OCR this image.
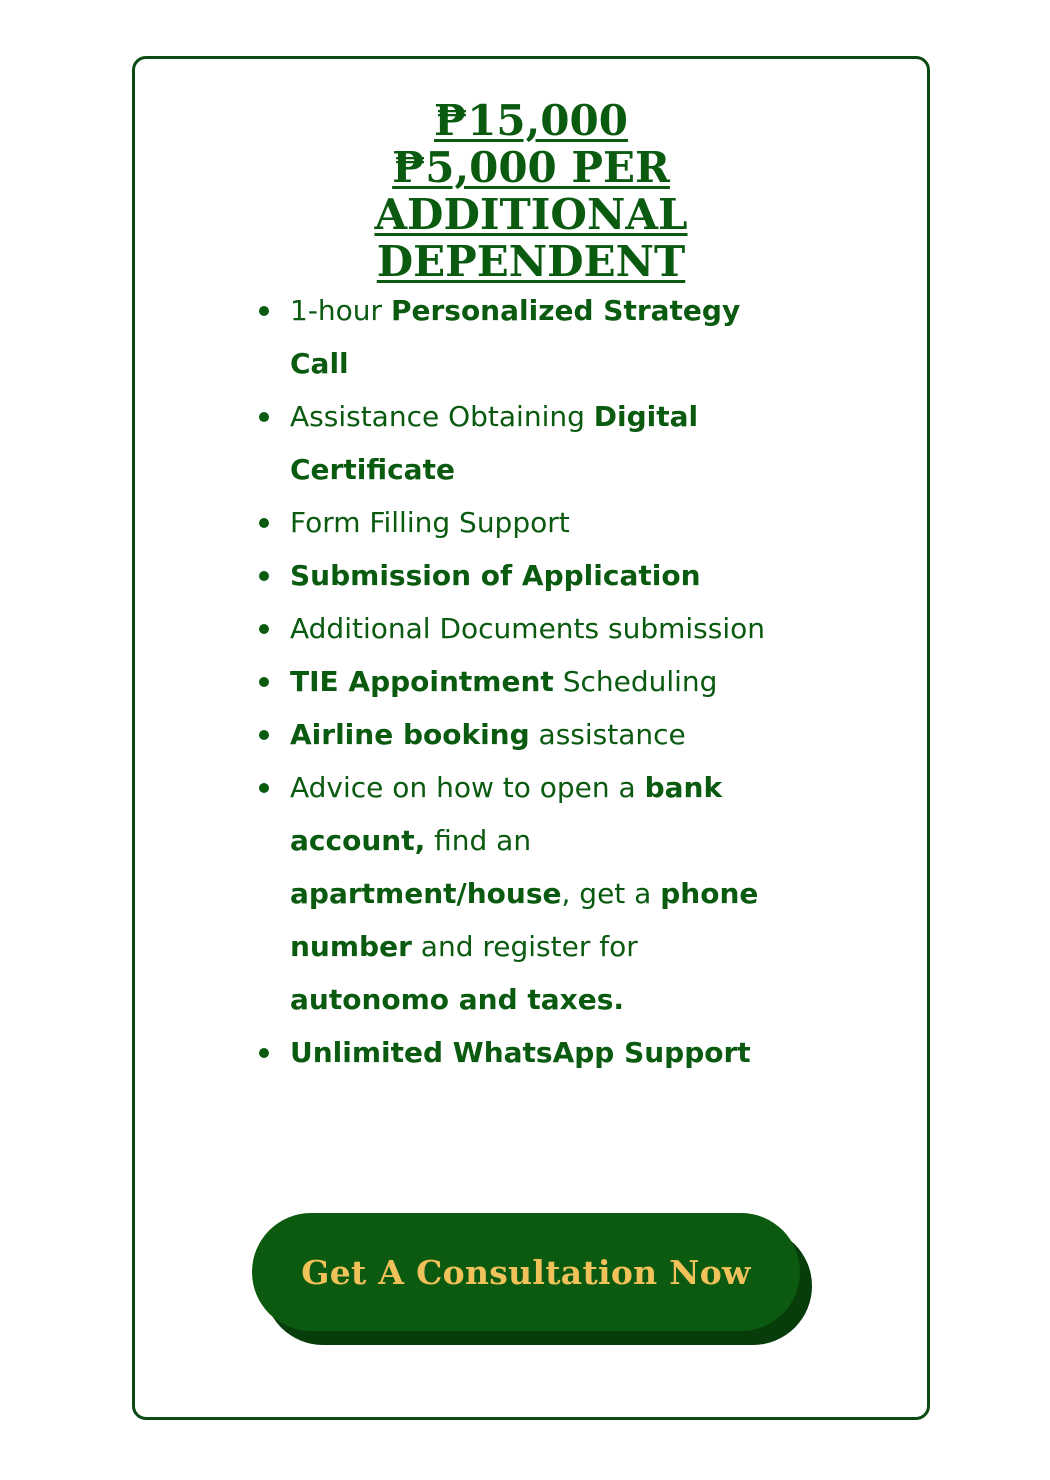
₱15,000
₱5,000 PER ADDITIONAL DEPENDENT
1-hour Personalized Strategy Call
Assistance Obtaining Digital Certificate
Form Filling Support
Submission of Application
Additional Documents submission
TIE Appointment Scheduling
Airline booking assistance
Advice on how to open a bank account, find an apartment/house, get a phone number and register for autonomo and taxes.
Unlimited WhatsApp Support
Get A Consultation Now
